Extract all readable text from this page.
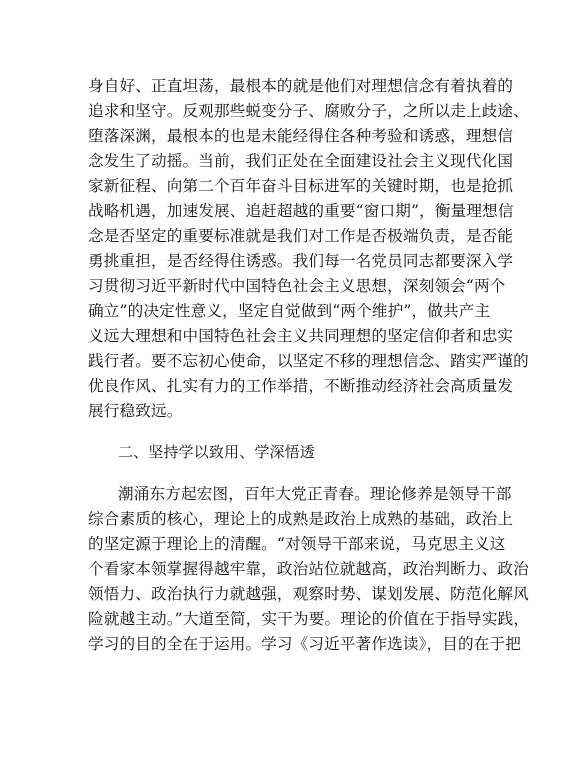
身自好、正直坦荡，最根本的就是他们对理想信念有着执着的
追求和坚守。反观那些蜕变分子、腐败分子，之所以走上歧途、
堕落深渊，最根本的也是未能经得住各种考验和诱惑，理想信
念发生了动摇。当前，我们正处在全面建设社会主义现代化国
家新征程、向第二个百年奋斗目标进军的关键时期，也是抢抓
战略机遇，加速发展、追赶超越的重要“窗口期”，衡量理想信
念是否坚定的重要标准就是我们对工作是否极端负责，是否能
勇挑重担，是否经得住诱惑。我们每一名党员同志都要深入学
习贯彻习近平新时代中国特色社会主义思想，深刻领会“两个
确立”的决定性意义，坚定自觉做到“两个维护”，做共产主
义远大理想和中国特色社会主义共同理想的坚定信仰者和忠实
践行者。要不忘初心使命，以坚定不移的理想信念、踏实严谨的
优良作风、扎实有力的工作举措，不断推动经济社会高质量发
展行稳致远。
二、坚持学以致用、学深悟透
潮涌东方起宏图，百年大党正青春。理论修养是领导干部
综合素质的核心，理论上的成熟是政治上成熟的基础，政治上
的坚定源于理论上的清醒。“对领导干部来说，马克思主义这
个看家本领掌握得越牢靠，政治站位就越高，政治判断力、政治
领悟力、政治执行力就越强，观察时势、谋划发展、防范化解风
险就越主动。”大道至简，实干为要。理论的价值在于指导实践，
学习的目的全在于运用。学习《习近平著作选读》，目的在于把
